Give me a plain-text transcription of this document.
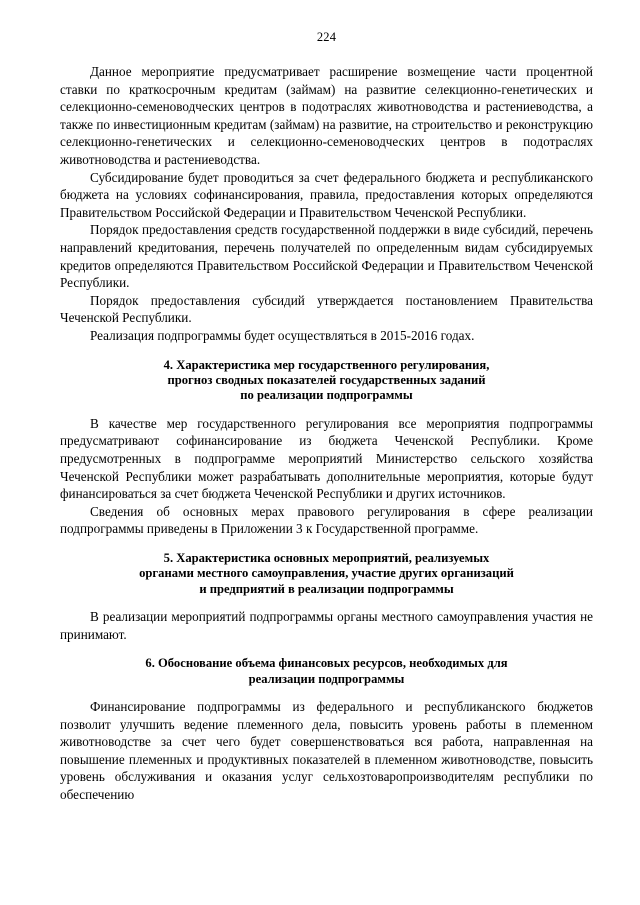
224

Данное мероприятие предусматривает расширение возмещение части процентной ставки по краткосрочным кредитам (займам) на развитие селекционно-генетических и селекционно-семеноводческих центров в подотраслях животноводства и растениеводства, а также по инвестиционным кредитам (займам) на развитие, на строительство и реконструкцию селекционно-генетических и селекционно-семеноводческих центров в подотраслях животноводства и растениеводства.

Субсидирование будет проводиться за счет федерального бюджета и республиканского бюджета на условиях софинансирования, правила, предоставления которых определяются Правительством Российской Федерации и Правительством Чеченской Республики.

Порядок предоставления средств государственной поддержки в виде субсидий, перечень направлений кредитования, перечень получателей по определенным видам субсидируемых кредитов определяются Правительством Российской Федерации и Правительством Чеченской Республики.

Порядок предоставления субсидий утверждается постановлением Правительства Чеченской Республики.

Реализация подпрограммы будет осуществляться в 2015-2016 годах.

4. Характеристика мер государственного регулирования,
прогноз сводных показателей государственных заданий
по реализации подпрограммы

В качестве мер государственного регулирования все мероприятия подпрограммы предусматривают софинансирование из бюджета Чеченской Республики. Кроме предусмотренных в подпрограмме мероприятий Министерство сельского хозяйства Чеченской Республики может разрабатывать дополнительные мероприятия, которые будут финансироваться за счет бюджета Чеченской Республики и других источников.

Сведения об основных мерах правового регулирования в сфере реализации подпрограммы приведены в Приложении 3 к Государственной программе.

5. Характеристика основных мероприятий, реализуемых
органами местного самоуправления, участие других организаций
и предприятий в реализации подпрограммы

В реализации мероприятий подпрограммы органы местного самоуправления участия не принимают.

6. Обоснование объема финансовых ресурсов, необходимых для
реализации подпрограммы

Финансирование подпрограммы из федерального и республиканского бюджетов позволит улучшить ведение племенного дела, повысить уровень работы в племенном животноводстве за счет чего будет совершенствоваться вся работа, направленная на повышение племенных и продуктивных показателей в племенном животноводстве, повысить уровень обслуживания и оказания услуг сельхозтоваропроизводителям республики по обеспечению
